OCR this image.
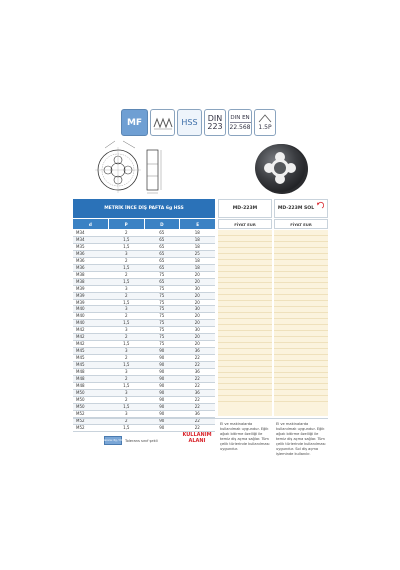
MF	HSS DIN
223
DIN EN
22.568 1.5P
METRİK İNCE DİŞ PAFTA 6g HSS
d	P	D	E
M34	2	65	18
M34	1,5	65	18
M35	1,5	65	18
M36	3	65	25
M36	2	65	18
M36	1,5	65	18
M38	2	75	20
M38	1,5	65	20
M39	3	75	30
M39	2	75	20
M39	1,5	75	20
M40	3	75	30
M40	2	75	20
M40	1,5	75	20
M42	3	75	30
M42	2	75	20
M42	1,5	75	20
M45	3	90	36
M45	2	90	22
M45	1,5	90	22
M48	3	90	36
M48	2	90	22
M48	1,5	90	22
M50	3	90	36
M50	2	90	22
M50	1,5	90	22
M52	3	90	36
M52	2	90	22
M52	1,5	90	22
MD-223M	MD-223M SOL
FİYAT EUR	FİYAT EUR
Tolerans: 6g / Dişli Tolerans sınıf şekli
KULLANIM
ALANI
El ve makinalarda kullanılmak uygundur. Eğik ağızlı bitirme özelliği ile temiz diş açma sağlar. Tüm çelik türlerinde kullanılması uygundur.
El ve makinalarda kullanılmak uygundur. Eğik ağızlı bitirme özelliği ile temiz diş açma sağlar. Tüm çelik türlerinde kullanılması uygundur. Sol diş açma işleminde kullanılır.
